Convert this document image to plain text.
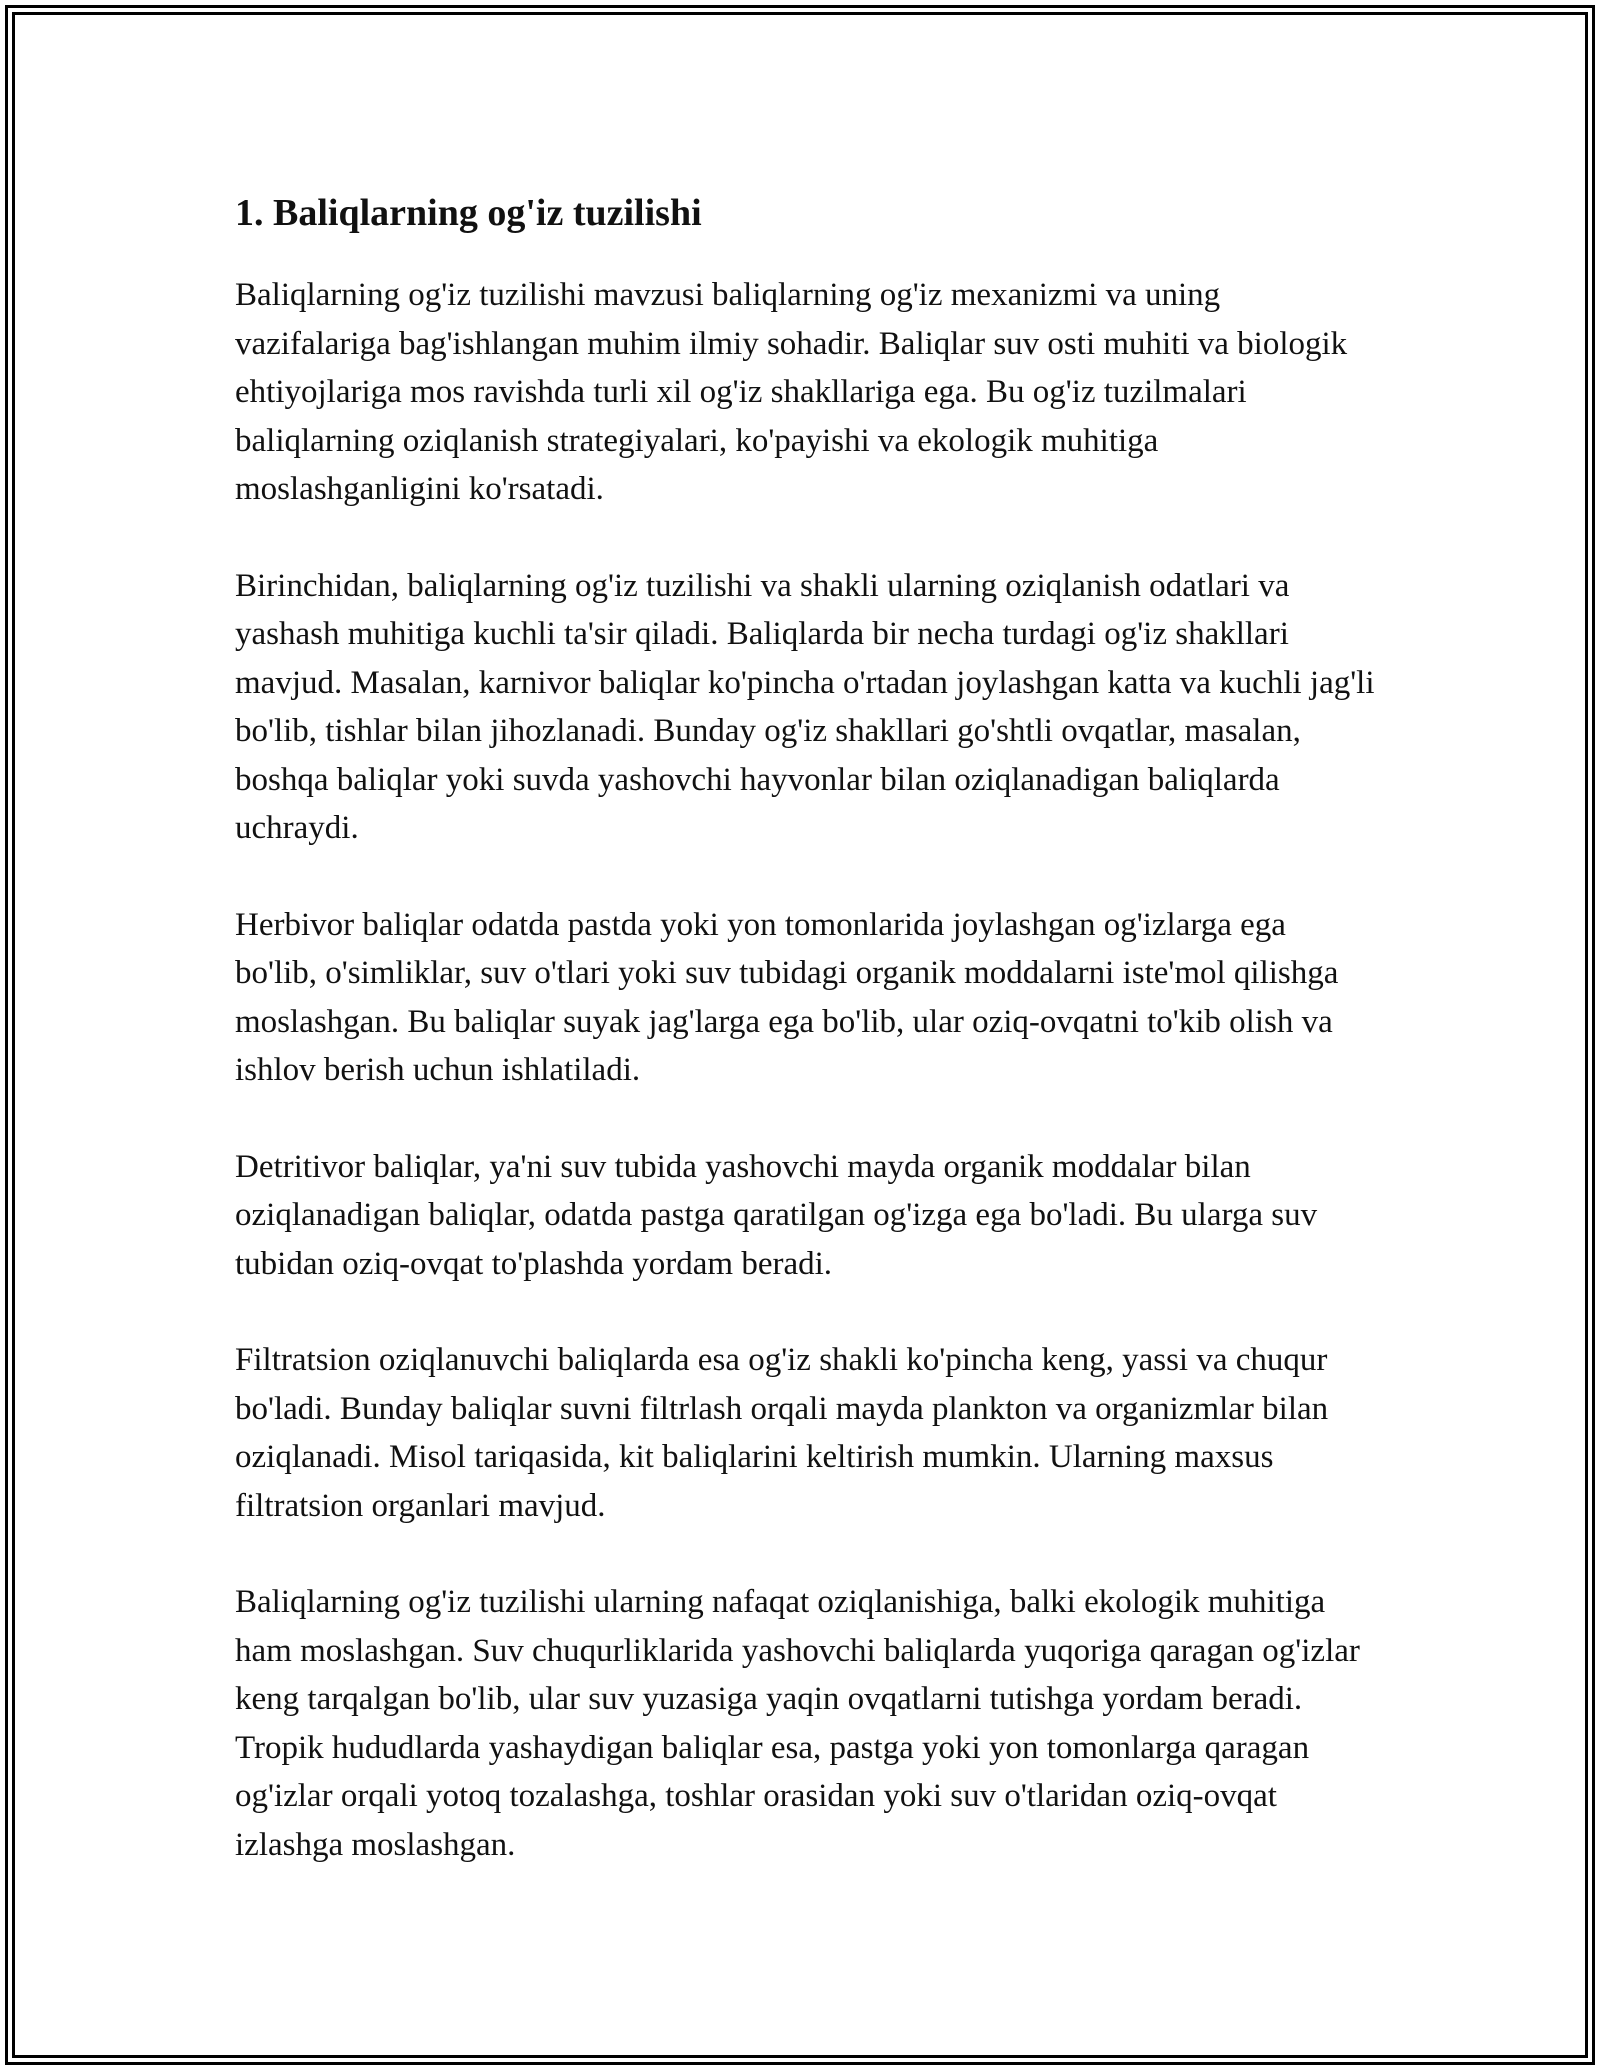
1. Baliqlarning og'iz tuzilishi

Baliqlarning og'iz tuzilishi mavzusi baliqlarning og'iz mexanizmi va uning vazifalariga bag'ishlangan muhim ilmiy sohadir. Baliqlar suv osti muhiti va biologik ehtiyojlariga mos ravishda turli xil og'iz shakllariga ega. Bu og'iz tuzilmalari baliqlarning oziqlanish strategiyalari, ko'payishi va ekologik muhitiga moslashganligini ko'rsatadi.

Birinchidan, baliqlarning og'iz tuzilishi va shakli ularning oziqlanish odatlari va yashash muhitiga kuchli ta'sir qiladi. Baliqlarda bir necha turdagi og'iz shakllari mavjud. Masalan, karnivor baliqlar ko'pincha o'rtadan joylashgan katta va kuchli jag'li bo'lib, tishlar bilan jihozlanadi. Bunday og'iz shakllari go'shtli ovqatlar, masalan, boshqa baliqlar yoki suvda yashovchi hayvonlar bilan oziqlanadigan baliqlarda uchraydi.

Herbivor baliqlar odatda pastda yoki yon tomonlarida joylashgan og'izlarga ega bo'lib, o'simliklar, suv o'tlari yoki suv tubidagi organik moddalarni iste'mol qilishga moslashgan. Bu baliqlar suyak jag'larga ega bo'lib, ular oziq-ovqatni to'kib olish va ishlov berish uchun ishlatiladi.

Detritivor baliqlar, ya'ni suv tubida yashovchi mayda organik moddalar bilan oziqlanadigan baliqlar, odatda pastga qaratilgan og'izga ega bo'ladi. Bu ularga suv tubidan oziq-ovqat to'plashda yordam beradi.

Filtratsion oziqlanuvchi baliqlarda esa og'iz shakli ko'pincha keng, yassi va chuqur bo'ladi. Bunday baliqlar suvni filtrlash orqali mayda plankton va organizmlar bilan oziqlanadi. Misol tariqasida, kit baliqlarini keltirish mumkin. Ularning maxsus filtratsion organlari mavjud.

Baliqlarning og'iz tuzilishi ularning nafaqat oziqlanishiga, balki ekologik muhitiga ham moslashgan. Suv chuqurliklarida yashovchi baliqlarda yuqoriga qaragan og'izlar keng tarqalgan bo'lib, ular suv yuzasiga yaqin ovqatlarni tutishga yordam beradi. Tropik hududlarda yashaydigan baliqlar esa, pastga yoki yon tomonlarga qaragan og'izlar orqali yotoq tozalashga, toshlar orasidan yoki suv o'tlaridan oziq-ovqat izlashga moslashgan.
